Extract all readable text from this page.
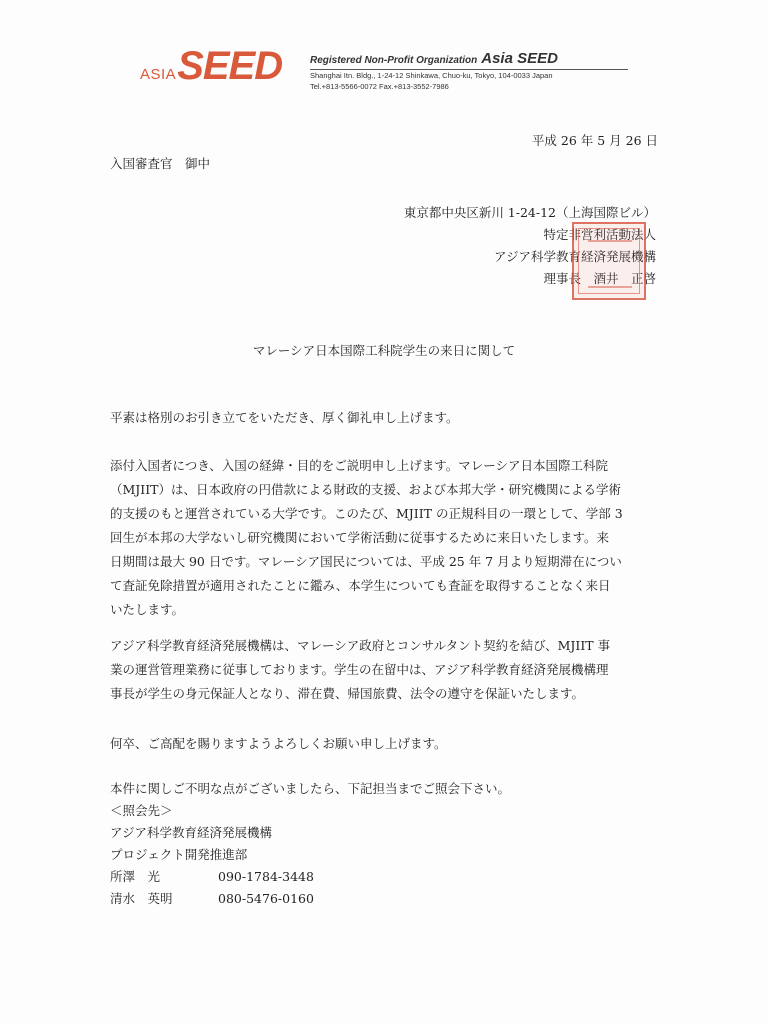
ASIA SEED	Registered Non-Profit Organization Asia SEED
Shanghai Itn. Bldg., 1-24-12 Shinkawa, Chuo-ku, Tokyo, 104-0033 Japan
Tel.+813-5566-0072 Fax.+813-3552-7986
平成 26 年 5 月 26 日
入国審査官　御中
東京都中央区新川 1-24-12（上海国際ビル）
特定非営利活動法人
アジア科学教育経済発展機構
理事長　酒井　正啓
マレーシア日本国際工科院学生の来日に関して
平素は格別のお引き立てをいただき、厚く御礼申し上げます。
添付入国者につき、入国の経緯・目的をご説明申し上げます。マレーシア日本国際工科院
（MJIIT）は、日本政府の円借款による財政的支援、および本邦大学・研究機関による学術
的支援のもと運営されている大学です。このたび、MJIIT の正規科目の一環として、学部 3
回生が本邦の大学ないし研究機関において学術活動に従事するために来日いたします。来
日期間は最大 90 日です。マレーシア国民については、平成 25 年 7 月より短期滞在につい
て査証免除措置が適用されたことに鑑み、本学生についても査証を取得することなく来日
いたします。
アジア科学教育経済発展機構は、マレーシア政府とコンサルタント契約を結び、MJIIT 事
業の運営管理業務に従事しております。学生の在留中は、アジア科学教育経済発展機構理
事長が学生の身元保証人となり、滞在費、帰国旅費、法令の遵守を保証いたします。
何卒、ご高配を賜りますようよろしくお願い申し上げます。
本件に関しご不明な点がございましたら、下記担当までご照会下さい。
＜照会先＞
アジア科学教育経済発展機構
プロジェクト開発推進部
所澤　光	090-1784-3448
清水　英明	080-5476-0160
